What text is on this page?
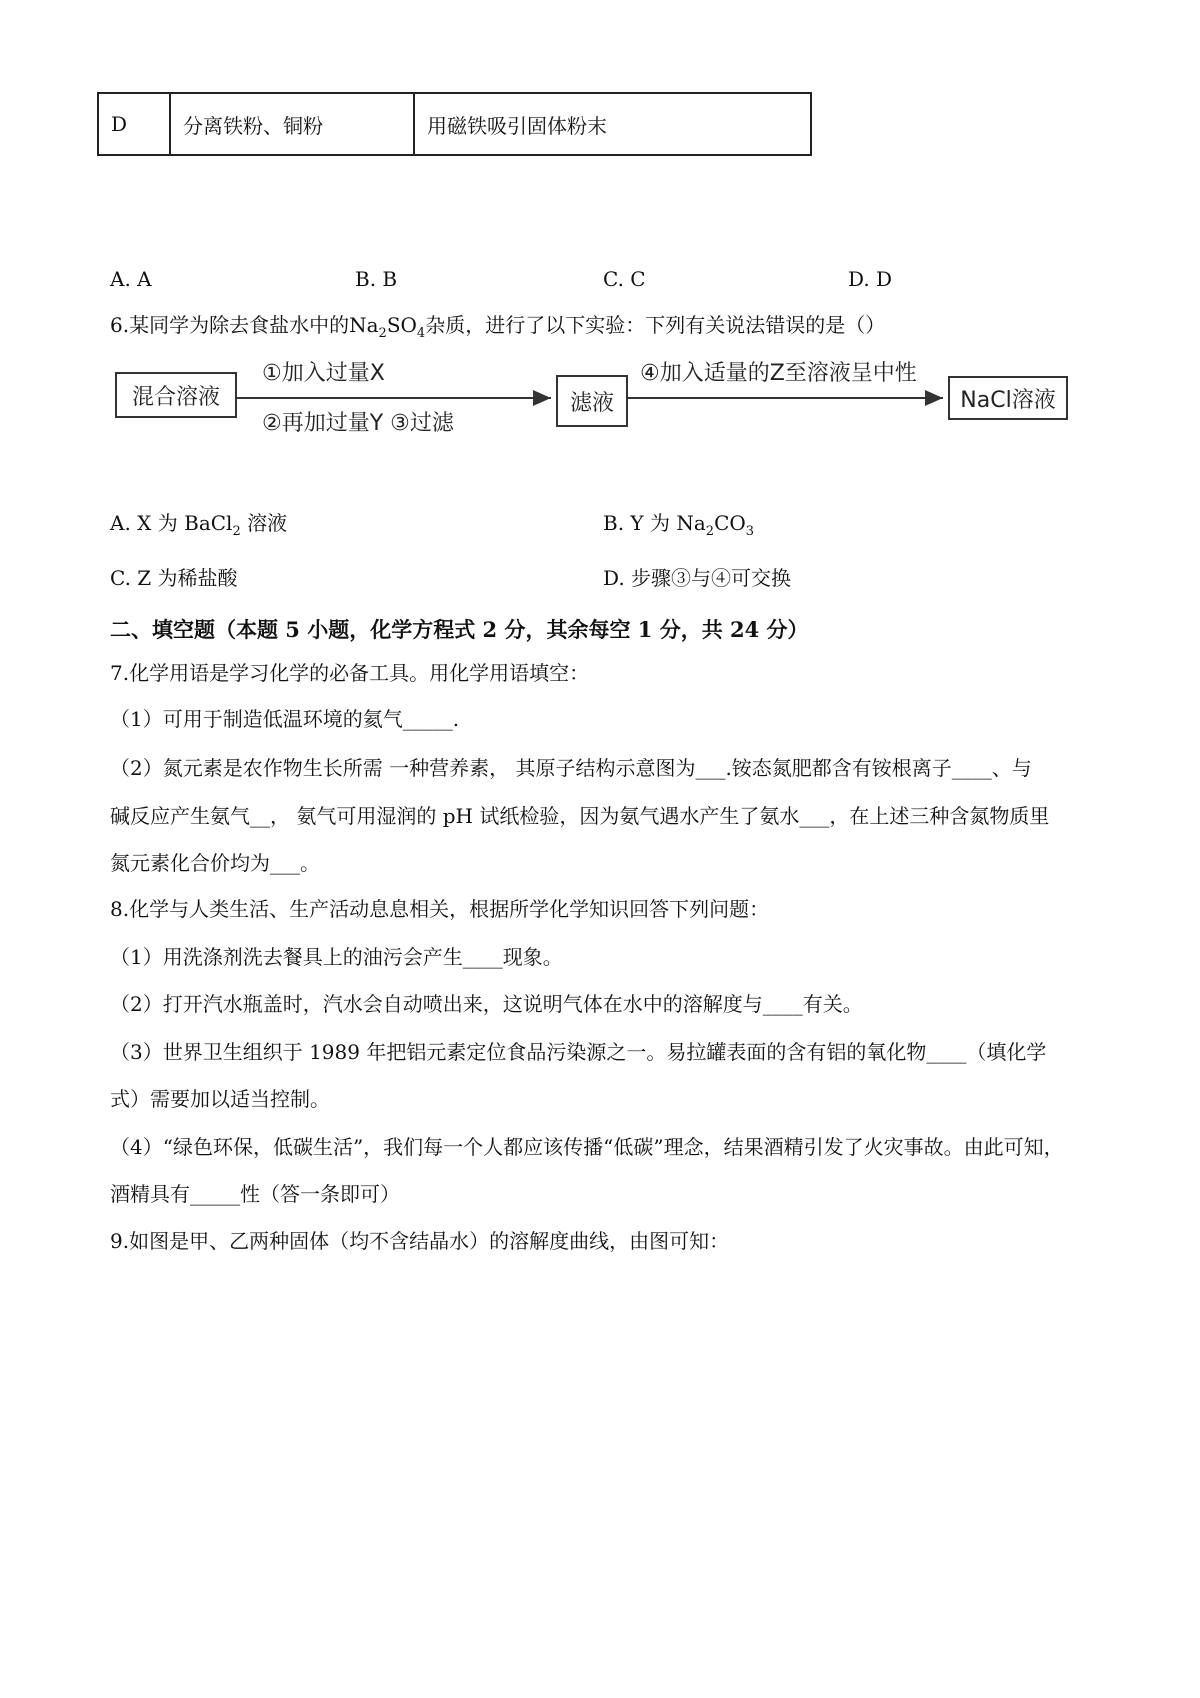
D	分离铁粉、铜粉	用磁铁吸引固体粉末
A. A	B. B	C. C	D. D
6.某同学为除去食盐水中的$Na_2SO_4$杂质，进行了以下实验：下列有关说法错误的是（）
混合溶液
①加入过量X
②再加过量Y ③过滤
滤液
④加入适量的Z至溶液呈中性
NaCl溶液
A. X 为 BaCl$_2$ 溶液	B. Y 为 $Na_2CO_3$
C. Z 为稀盐酸	D. 步骤③与④可交换
二、填空题（本题 5 小题，化学方程式 2 分，其余每空 1 分，共 24 分）
7.化学用语是学习化学的必备工具。用化学用语填空：
（1）可用于制造低温环境的氦气_____.
（2）氮元素是农作物生长所需 一种营养素， 其原子结构示意图为___.铵态氮肥都含有铵根离子____、与
碱反应产生氨气__， 氨气可用湿润的 pH 试纸检验，因为氨气遇水产生了氨水___，在上述三种含氮物质里
氮元素化合价均为___。
8.化学与人类生活、生产活动息息相关，根据所学化学知识回答下列问题：
（1）用洗涤剂洗去餐具上的油污会产生____现象。
（2）打开汽水瓶盖时，汽水会自动喷出来，这说明气体在水中的溶解度与____有关。
（3）世界卫生组织于 1989 年把铝元素定位食品污染源之一。易拉罐表面的含有铝的氧化物____（填化学
式）需要加以适当控制。
（4）“绿色环保，低碳生活”，我们每一个人都应该传播“低碳”理念，结果酒精引发了火灾事故。由此可知，
酒精具有_____性（答一条即可）
9.如图是甲、乙两种固体（均不含结晶水）的溶解度曲线，由图可知：
